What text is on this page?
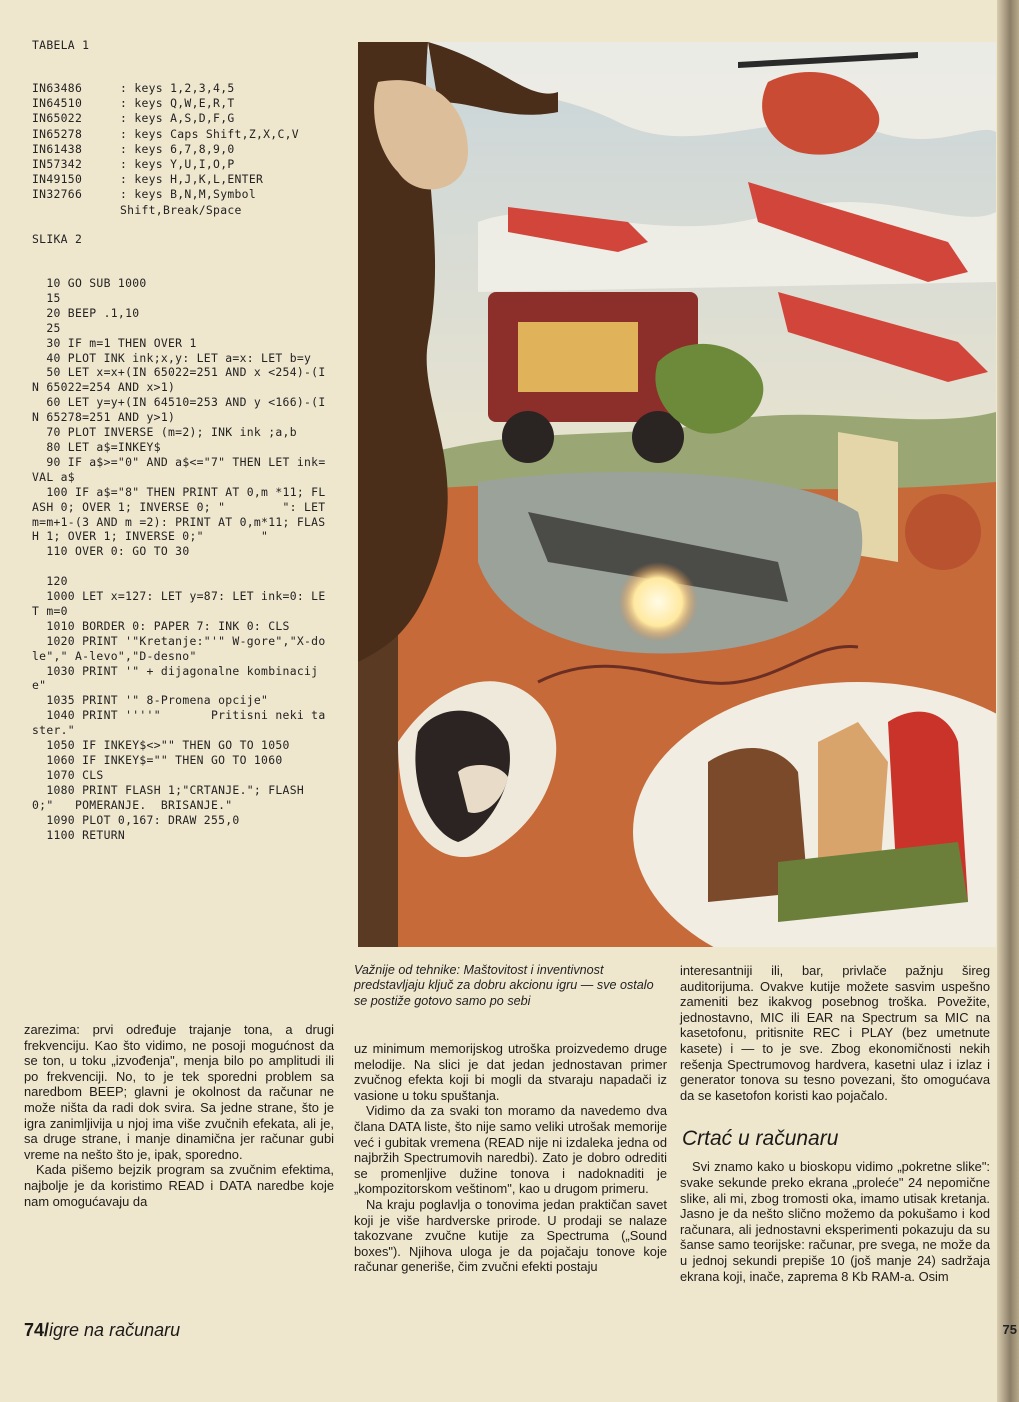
TABELA 1
IN63486	: keys 1,2,3,4,5
IN64510	: keys Q,W,E,R,T
IN65022	: keys A,S,D,F,G
IN65278	: keys Caps Shift,Z,X,C,V
IN61438	: keys 6,7,8,9,0
IN57342	: keys Y,U,I,O,P
IN49150	: keys H,J,K,L,ENTER
IN32766	: keys B,N,M,Symbol Shift,Break/Space
SLIKA 2
10 GO SUB 1000
15
20 BEEP .1,10
25
30 IF m=1 THEN OVER 1
40 PLOT INK ink;x,y: LET a=x: LET b=y
50 LET x=x+(IN 65022=251 AND x <254)-(IN 65022=254 AND x>1)
60 LET y=y+(IN 64510=253 AND y <166)-(IN 65278=251 AND y>1)
70 PLOT INVERSE (m=2); INK ink ;a,b
80 LET a$=INKEY$
90 IF a$>="0" AND a$<="7" THEN LET ink=VAL a$
100 IF a$="8" THEN PRINT AT 0,m *11; FLASH 0; OVER 1; INVERSE 0; "        ": LET m=m+1-(3 AND m =2): PRINT AT 0,m*11; FLASH 1; OVER 1; INVERSE 0;"        "
110 OVER 0: GO TO 30

120
1000 LET x=127: LET y=87: LET ink=0: LET m=0
1010 BORDER 0: PAPER 7: INK 0: CLS
1020 PRINT '"Kretanje:"'" W-gore","X-dole"," A-levo","D-desno"
1030 PRINT '" + dijagonalne kombinacije"
1035 PRINT '" 8-Promena opcije"
1040 PRINT ''''"       Pritisni neki taster."
1050 IF INKEY$<>"" THEN GO TO 1050
1060 IF INKEY$="" THEN GO TO 1060
1070 CLS
1080 PRINT FLASH 1;"CRTANJE."; FLASH 0;"   POMERANJE.  BRISANJE."
1090 PLOT 0,167: DRAW 255,0
1100 RETURN
Važnije od tehnike: Maštovitost i inventivnost predstavljaju ključ za dobru akcionu igru — sve ostalo se postiže gotovo samo po sebi

zarezima: prvi određuje trajanje tona, a drugi frekvenciju. Kao što vidimo, ne posoji mogućnost da se ton, u toku „izvođenja", menja bilo po amplitudi ili po frekvenciji. No, to je tek sporedni problem sa naredbom BEEP; glavni je okolnost da računar ne može ništa da radi dok svira. Sa jedne strane, što je igra zanimljivija u njoj ima više zvučnih efekata, ali je, sa druge strane, i manje dinamična jer računar gubi vreme na nešto što je, ipak, sporedno.

Kada pišemo bejzik program sa zvučnim efektima, najbolje je da koristimo READ i DATA naredbe koje nam omogućavaju da

uz minimum memorijskog utroška proizvedemo druge melodije. Na slici je dat jedan jednostavan primer zvučnog efekta koji bi mogli da stvaraju napadači iz vasione u toku spuštanja.

Vidimo da za svaki ton moramo da navedemo dva člana DATA liste, što nije samo veliki utrošak memorije već i gubitak vremena (READ nije ni izdaleka jedna od najbržih Spectrumovih naredbi). Zato je dobro odrediti se promenljive dužine tonova i nadoknaditi je „kompozitorskom veštinom", kao u drugom primeru.

Na kraju poglavlja o tonovima jedan praktičan savet koji je više hardverske prirode. U prodaji se nalaze takozvane zvučne kutije za Spectruma („Sound boxes"). Njihova uloga je da pojačaju tonove koje računar generiše, čim zvučni efekti postaju

interesantniji ili, bar, privlače pažnju šireg auditorijuma. Ovakve kutije možete sasvim uspešno zameniti bez ikakvog posebnog troška. Povežite, jednostavno, MIC ili EAR na Spectrum sa MIC na kasetofonu, pritisnite REC i PLAY (bez umetnute kasete) i — to je sve. Zbog ekonomičnosti nekih rešenja Spectrumovog hardvera, kasetni ulaz i izlaz i generator tonova su tesno povezani, što omogućava da se kasetofon koristi kao pojačalo.

Crtać u računaru

Svi znamo kako u bioskopu vidimo „pokretne slike": svake sekunde preko ekrana „proleće" 24 nepomične slike, ali mi, zbog tromosti oka, imamo utisak kretanja. Jasno je da nešto slično možemo da pokušamo i kod računara, ali jednostavni eksperimenti pokazuju da su šanse samo teorijske: računar, pre svega, ne može da u jednoj sekundi prepiše 10 (još manje 24) sadržaja ekrana koji, inače, zaprema 8 Kb RAM-a. Osim

74/igre na računaru	75
